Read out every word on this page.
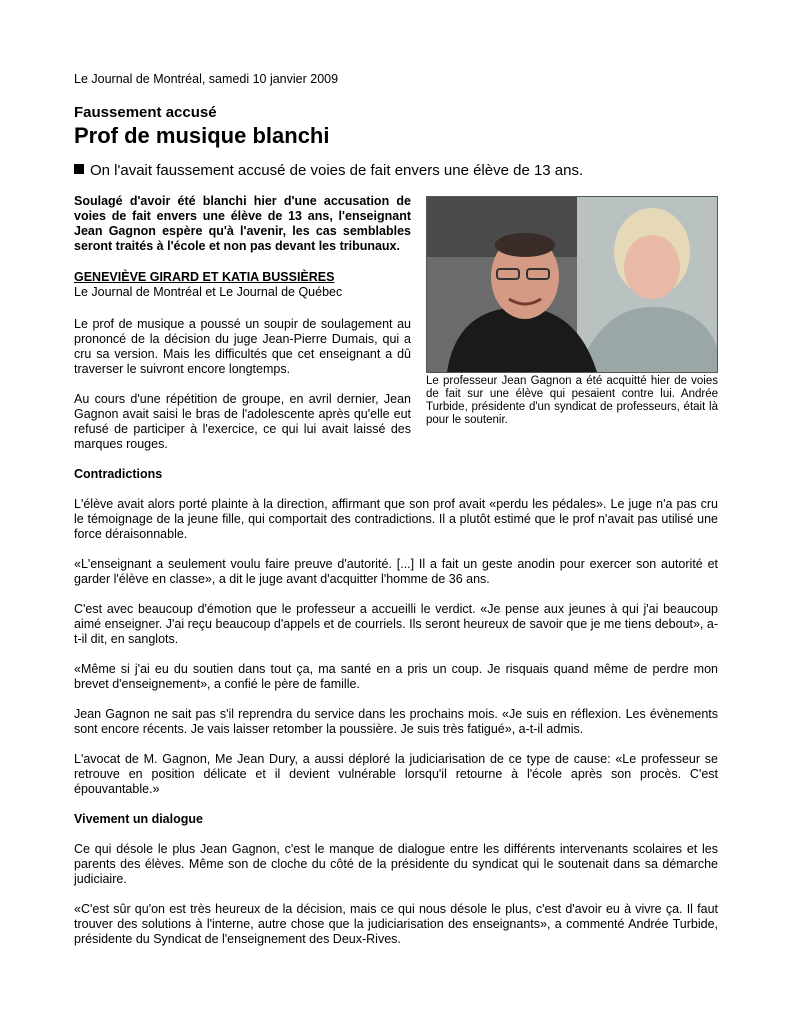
Le Journal de Montréal, samedi 10 janvier 2009
Faussement accusé
Prof de musique blanchi
On l'avait faussement accusé de voies de fait envers une élève de 13 ans.

Soulagé d'avoir été blanchi hier d'une accusation de voies de fait envers une élève de 13 ans, l'enseignant Jean Gagnon espère qu'à l'avenir, les cas semblables seront traités à l'école et non pas devant les tribunaux.

GENEVIÈVE GIRARD ET KATIA BUSSIÈRES

Le Journal de Montréal et Le Journal de Québec

Le prof de musique a poussé un soupir de soulagement au prononcé de la décision du juge Jean-Pierre Dumais, qui a cru sa version. Mais les difficultés que cet enseignant a dû traverser le suivront encore longtemps.

Au cours d'une répétition de groupe, en avril dernier, Jean Gagnon avait saisi le bras de l'adolescente après qu'elle eut refusé de participer à l'exercice, ce qui lui avait laissé des marques rouges.

Le professeur Jean Gagnon a été acquitté hier de voies de fait sur une élève qui pesaient contre lui. Andrée Turbide, présidente d'un syndicat de professeurs, était là pour le soutenir.

Contradictions

L'élève avait alors porté plainte à la direction, affirmant que son prof avait «perdu les pédales». Le juge n'a pas cru le témoignage de la jeune fille, qui comportait des contradictions. Il a plutôt estimé que le prof n'avait pas utilisé une force déraisonnable.

«L'enseignant a seulement voulu faire preuve d'autorité. [...] Il a fait un geste anodin pour exercer son autorité et garder l'élève en classe», a dit le juge avant d'acquitter l'homme de 36 ans.

C'est avec beaucoup d'émotion que le professeur a accueilli le verdict. «Je pense aux jeunes à qui j'ai beaucoup aimé enseigner. J'ai reçu beaucoup d'appels et de courriels. Ils seront heureux de savoir que je me tiens debout», a-t-il dit, en sanglots.

«Même si j'ai eu du soutien dans tout ça, ma santé en a pris un coup. Je risquais quand même de perdre mon brevet d'enseignement», a confié le père de famille.

Jean Gagnon ne sait pas s'il reprendra du service dans les prochains mois. «Je suis en réflexion. Les évènements sont encore récents. Je vais laisser retomber la poussière. Je suis très fatigué», a-t-il admis.

L'avocat de M. Gagnon, Me Jean Dury, a aussi déploré la judiciarisation de ce type de cause: «Le professeur se retrouve en position délicate et il devient vulnérable lorsqu'il retourne à l'école après son procès. C'est épouvantable.»

Vivement un dialogue

Ce qui désole le plus Jean Gagnon, c'est le manque de dialogue entre les différents intervenants scolaires et les parents des élèves. Même son de cloche du côté de la présidente du syndicat qui le soutenait dans sa démarche judiciaire.

«C'est sûr qu'on est très heureux de la décision, mais ce qui nous désole le plus, c'est d'avoir eu à vivre ça. Il faut trouver des solutions à l'interne, autre chose que la judiciarisation des enseignants», a commenté Andrée Turbide, présidente du Syndicat de l'enseignement des Deux-Rives.
